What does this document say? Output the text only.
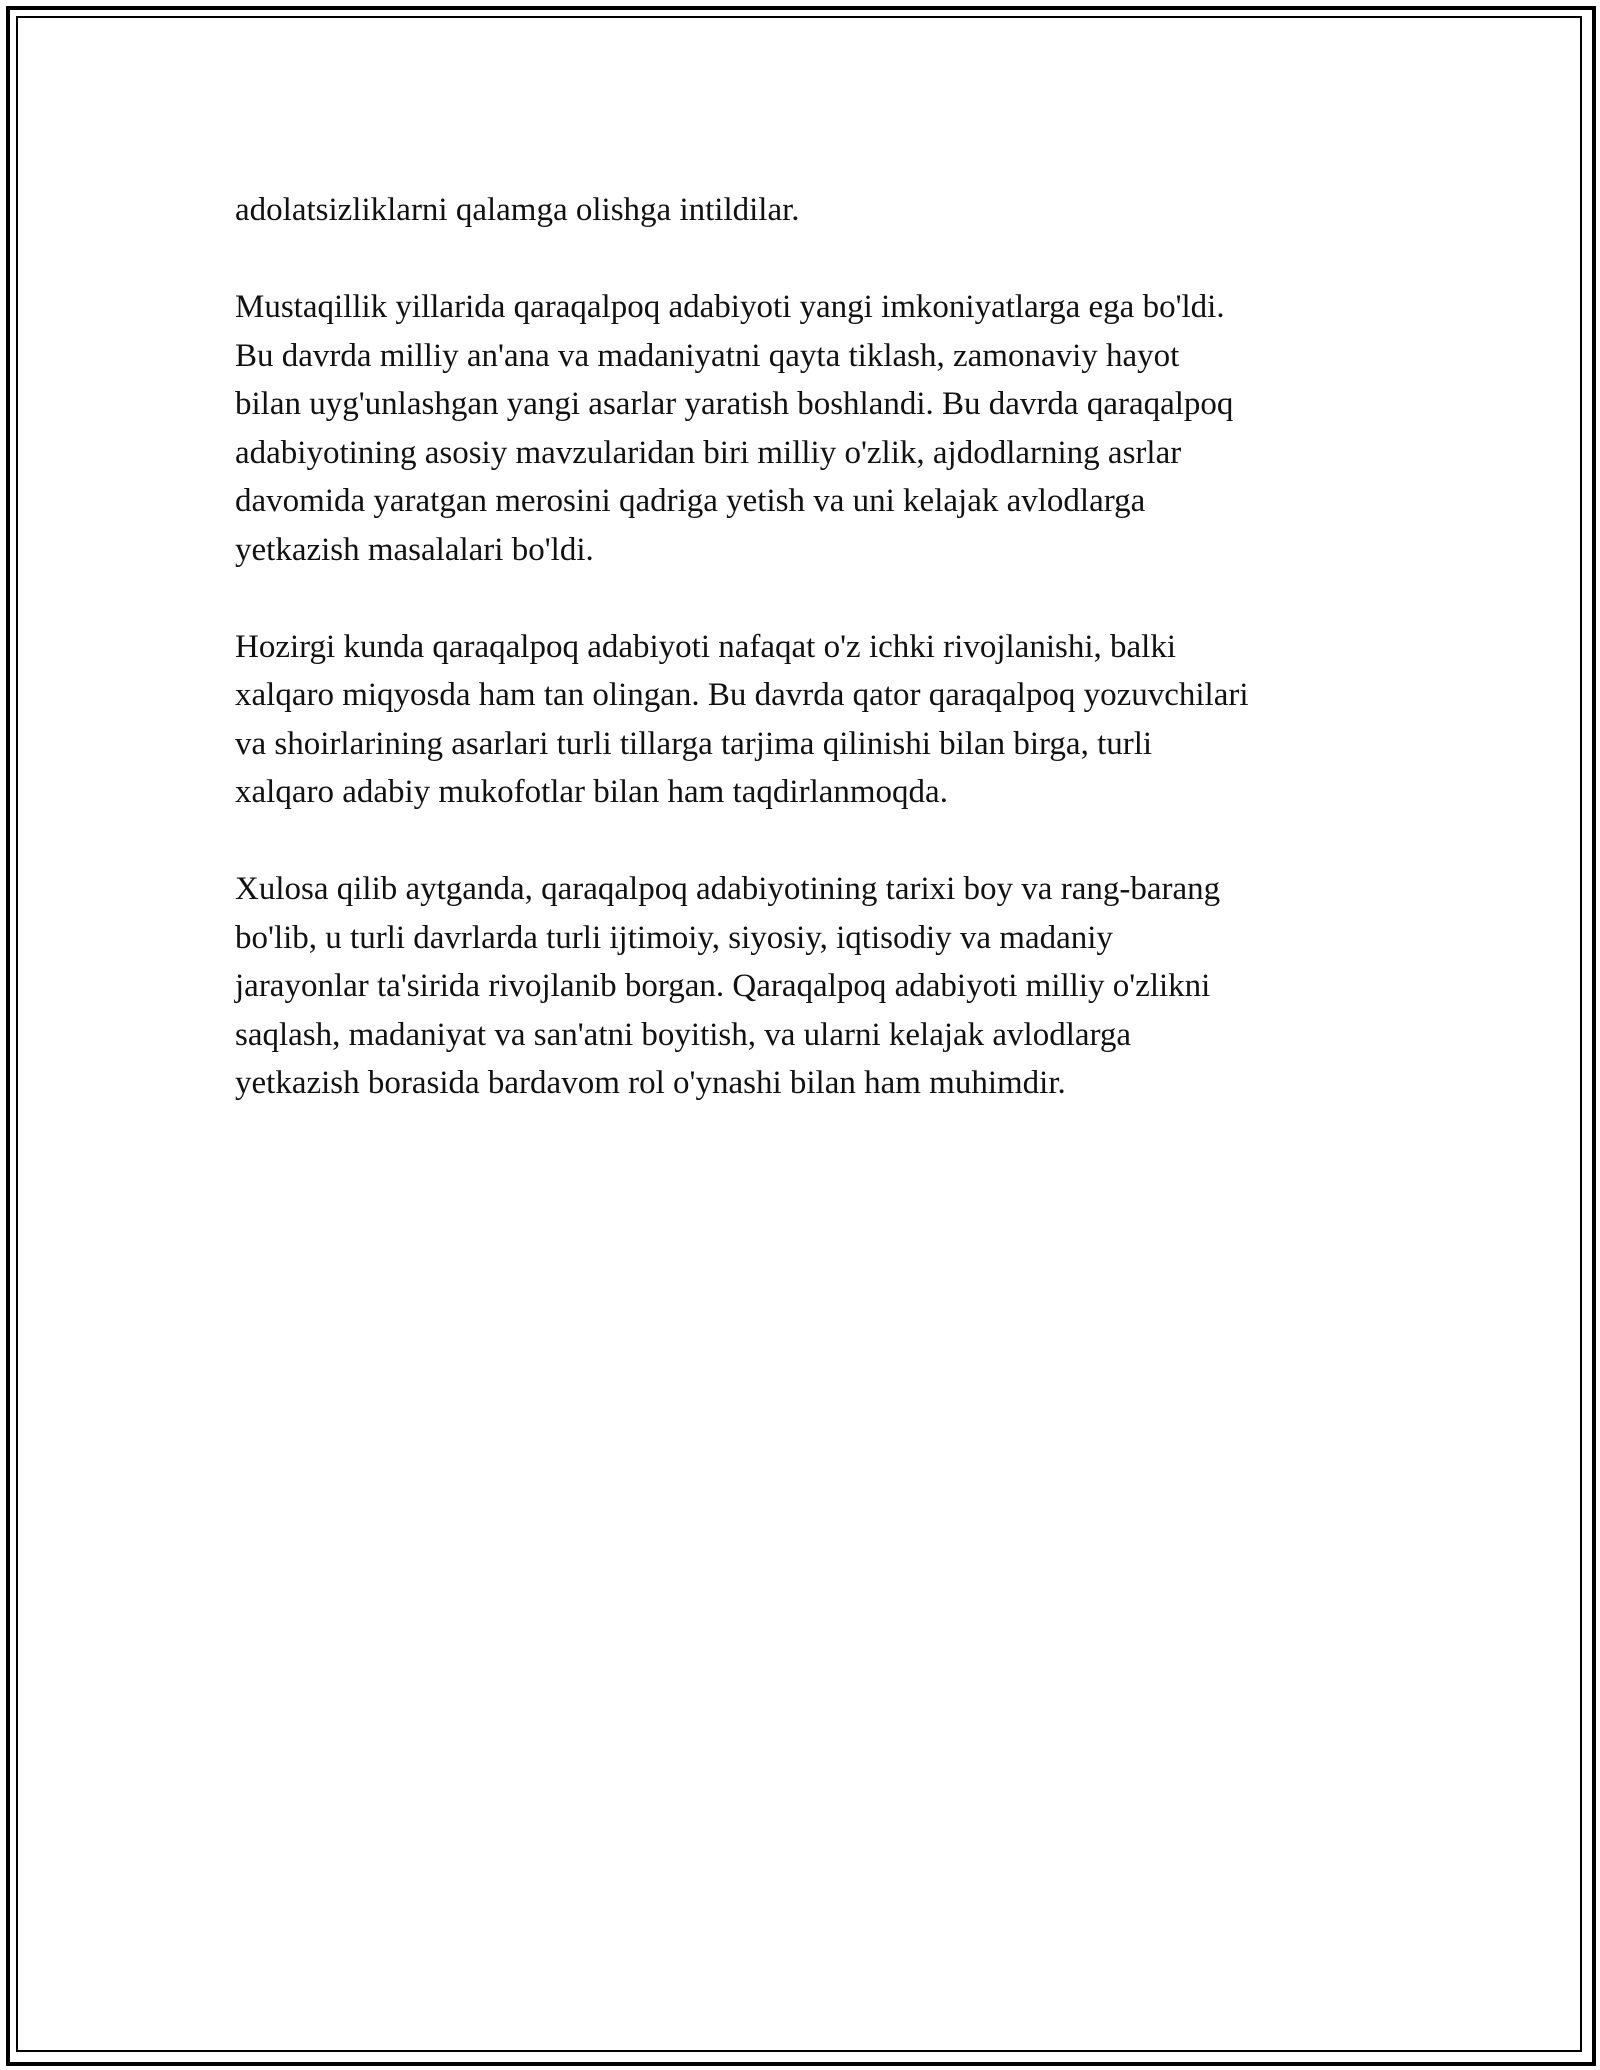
adolatsizliklarni qalamga olishga intildilar.

Mustaqillik yillarida qaraqalpoq adabiyoti yangi imkoniyatlarga ega bo'ldi.
Bu davrda milliy an'ana va madaniyatni qayta tiklash, zamonaviy hayot
bilan uyg'unlashgan yangi asarlar yaratish boshlandi. Bu davrda qaraqalpoq
adabiyotining asosiy mavzularidan biri milliy o'zlik, ajdodlarning asrlar
davomida yaratgan merosini qadriga yetish va uni kelajak avlodlarga
yetkazish masalalari bo'ldi.

Hozirgi kunda qaraqalpoq adabiyoti nafaqat o'z ichki rivojlanishi, balki
xalqaro miqyosda ham tan olingan. Bu davrda qator qaraqalpoq yozuvchilari
va shoirlarining asarlari turli tillarga tarjima qilinishi bilan birga, turli
xalqaro adabiy mukofotlar bilan ham taqdirlanmoqda.

Xulosa qilib aytganda, qaraqalpoq adabiyotining tarixi boy va rang-barang
bo'lib, u turli davrlarda turli ijtimoiy, siyosiy, iqtisodiy va madaniy
jarayonlar ta'sirida rivojlanib borgan. Qaraqalpoq adabiyoti milliy o'zlikni
saqlash, madaniyat va san'atni boyitish, va ularni kelajak avlodlarga
yetkazish borasida bardavom rol o'ynashi bilan ham muhimdir.
